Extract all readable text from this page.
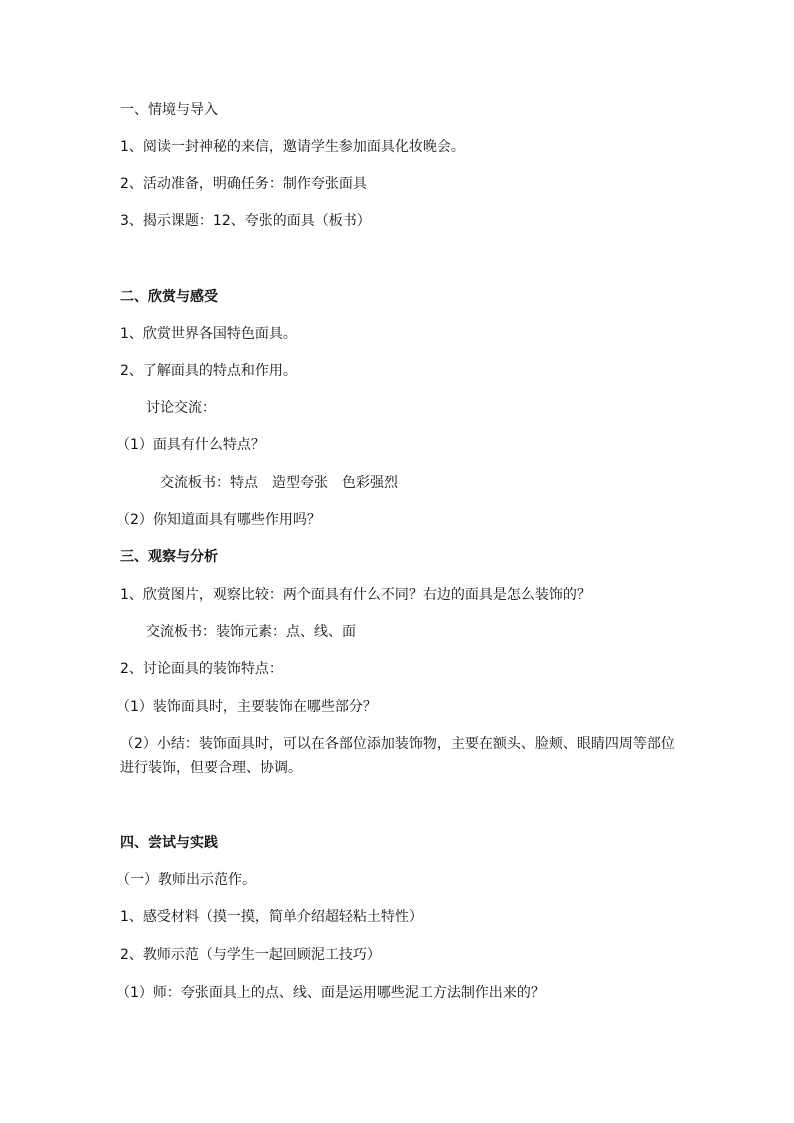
一、情境与导入

1、阅读一封神秘的来信，邀请学生参加面具化妆晚会。

2、活动准备，明确任务：制作夸张面具

3、揭示课题：12、夸张的面具（板书）

二、欣赏与感受

1、欣赏世界各国特色面具。

2、了解面具的特点和作用。

讨论交流：

（1）面具有什么特点？

交流板书：特点　造型夸张　色彩强烈

（2）你知道面具有哪些作用吗？

三、观察与分析

1、欣赏图片，观察比较：两个面具有什么不同？右边的面具是怎么装饰的？

交流板书：装饰元素：点、线、面

2、讨论面具的装饰特点：

（1）装饰面具时，主要装饰在哪些部分？

（2）小结：装饰面具时，可以在各部位添加装饰物，主要在额头、脸颊、眼睛四周等部位进行装饰，但要合理、协调。

四、尝试与实践

（一）教师出示范作。

1、感受材料（摸一摸，简单介绍超轻粘土特性）

2、教师示范（与学生一起回顾泥工技巧）

（1）师：夸张面具上的点、线、面是运用哪些泥工方法制作出来的？
